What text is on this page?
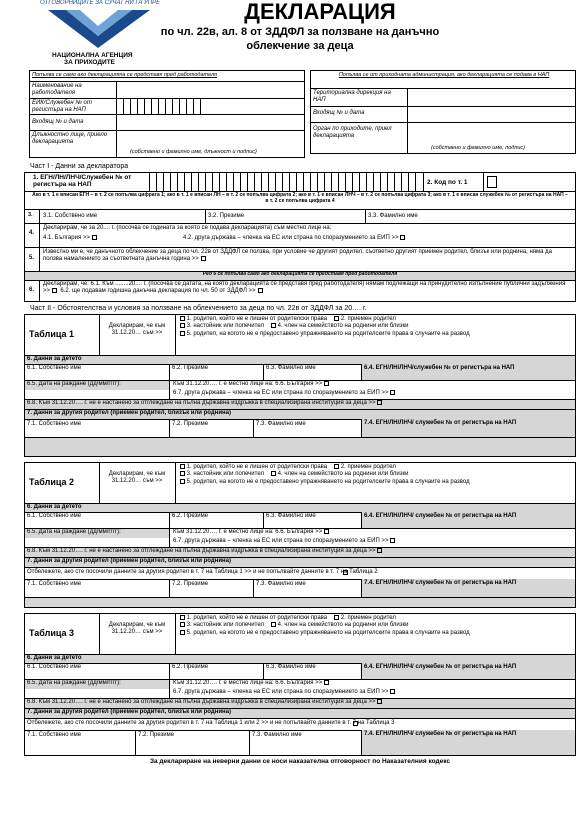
ОТГОВОРНИЦИТЕ ЗА СУЧАТ НИ ГА УПРЕ
НАЦИОНАЛНА АГЕНЦИЯ
ЗА ПРИХОДИТЕ
ДЕКЛАРАЦИЯ
по чл. 22в, ал. 8 от ЗДДФЛ за ползване на данъчно
облекчение за деца
Попълва се само ако декларацията се представя пред работодателя
Наименование на работодателя
ЕИК/Служебен № от регистъра на НАП
Входящ № и дата
Длъжностно лице, приело декларацията
(собствено и фамилно име, длъжност и подпис)
Попълва се от приходната администрация, ако декларацията се подава в НАП
Териториална дирекция на НАП
Входящ № и дата
Орган по приходите, приел декларацията
(собствено и фамилно име, подпис)
Част I - Данни за декларатора
1. ЕГН/ЛН/ЛНЧ/Служебен № от регистъра на НАП	2. Код по т. 1
Ако в т. 1 е вписан ЕГН – в т. 2 се попълва цифрата 1; ако в т. 1 е вписан ЛН – в т. 2 се попълва цифрата 2; ако в т. 1 е вписан ЛНЧ – в т. 2 се попълва цифрата 3; ако в т. 1 е вписан служебен № от регистъра на НАП – в т. 2 се попълва цифрата 4
3. 3.1. Собствено име	3.2. Презиме	3.3. Фамилно име
4.
Декларирам, че за 20.... г. (посочва се годината за която се подава декларацията) съм местно лице на:
4.1. България >>	4.2. друга държава – членка на ЕС или страна по споразумението за ЕИП >>
5.
Известно ми е, че данъчното облекчение за деца по чл. 22в от ЗДДФЛ се ползва, при условие че другият родител, съответно другият приемен родител, близък или роднина, няма да ползва намалението за съответната данъчна година >>
Ред 6 се попълва само ако декларацията се представя пред работодателя
6.
Декларирам, че: 6.1. Към ........20.... г. (посочва се датата, на която декларацията се представя пред работодателя) нямам подлежащи на принудително изпълнение публични задължения >> 6.2. ще подавам годишна данъчна декларация по чл. 50 от ЗДДФЛ >>
Част II - Обстоятелства и условия за ползване на облекчението за деца по чл. 22в от ЗДДФЛ за 20…. г.
Таблица 1
Декларирам, че към 31.12.20… съм >>
1. родител, който не е лишен от родителски права 2. приемен родител
3. настойник или попечител 4. член на семейството на роднини или близки
5. родител, на когото не е предоставено упражняването на родителските права в случаите на развод
6. Данни за детето
6.1. Собствено име	6.2. Презиме	6.3. Фамилно име	6.4. ЕГН/ЛН/ЛНЧ/служебен № от регистъра на НАП
6.5. Дата на раждане (дд/мм/гггг):	Към 31.12.20…. г. е местно лице на: 6.6. България >>
6.7. друга държава – членка на ЕС или страна по споразумението за ЕИП >>
6.8. Към 31.12.20…. г. не е настанено за отглеждане на пълна държавна издръжка в специализирана институция за деца >>
7. Данни за другия родител (приемен родител, близък или роднина)
7.1. Собствено име	7.2. Презиме	7.3. Фамилно име	7.4. ЕГН/ЛН/ЛНЧ/ служебен № от регистъра на НАП
Таблица 2
Декларирам, че към 31.12.20… съм >>
1. родител, който не е лишен от родителски права 2. приемен родител
3. настойник или попечител 4. член на семейството на роднини или близки
5. родител, на когото не е предоставено упражняването на родителските права в случаите на развод
6. Данни за детето
6.1. Собствено име	6.2. Презиме	6.3. Фамилно име	6.4. ЕГН/ЛН/ЛНЧ/ служебен № от регистъра на НАП
6.5. Дата на раждане (дд/мм/гггг):	Към 31.12.20…. г. е местно лице на: 6.6. България >>
6.7. друга държава – членка на ЕС или страна по споразумението за ЕИП >>
6.8. Към 31.12.20…. г. не е настанено за отглеждане на пълна държавна издръжка в специализирана институция за деца >>
7. Данни за другия родител (приемен родител, близък или роднина)
Отбележете, ако сте посочили данните за другия родител в т. 7 на Таблица 1 >> и не попълвайте данните в т. 7 на Таблица 2
7.1. Собствено име	7.2. Презиме	7.3. Фамилно име	7.4. ЕГН/ЛН/ЛНЧ/ служебен № от регистъра на НАП
Таблица 3
Декларирам, че към 31.12.20… съм >>
1. родител, който не е лишен от родителски права 2. приемен родител
3. настойник или попечител 4. член на семейството на роднини или близки
5. родител, на когото не е предоставено упражняването на родителските права в случаите на развод
6. Данни за детето
6.1. Собствено име	6.2. Презиме	6.3. Фамилно име	6.4. ЕГН/ЛН/ЛНЧ/ служебен № от регистъра на НАП
6.5. Дата на раждане (дд/мм/гггг):	Към 31.12.20…. г. е местно лице на: 6.6. България >>
6.7. друга държава – членка на ЕС или страна по споразумението за ЕИП >>
6.8. Към 31.12.20…. г. не е настанено за отглеждане на пълна държавна издръжка в специализирана институция за деца >>
7. Данни за другия родител (приемен родител, близък или роднина)
Отбележете, ако сте посочили данните за другия родител в т. 7 на Таблица 1 или 2 >> и не попълвайте данните в т. 7 на Таблица 3
7.1. Собствено име	7.2. Презиме	7.3. Фамилно име	7.4. ЕГН/ЛН/ЛНЧ/ служебен № от регистъра на НАП
За деклариране на неверни данни се носи наказателна отговорност по Наказателния кодекс
